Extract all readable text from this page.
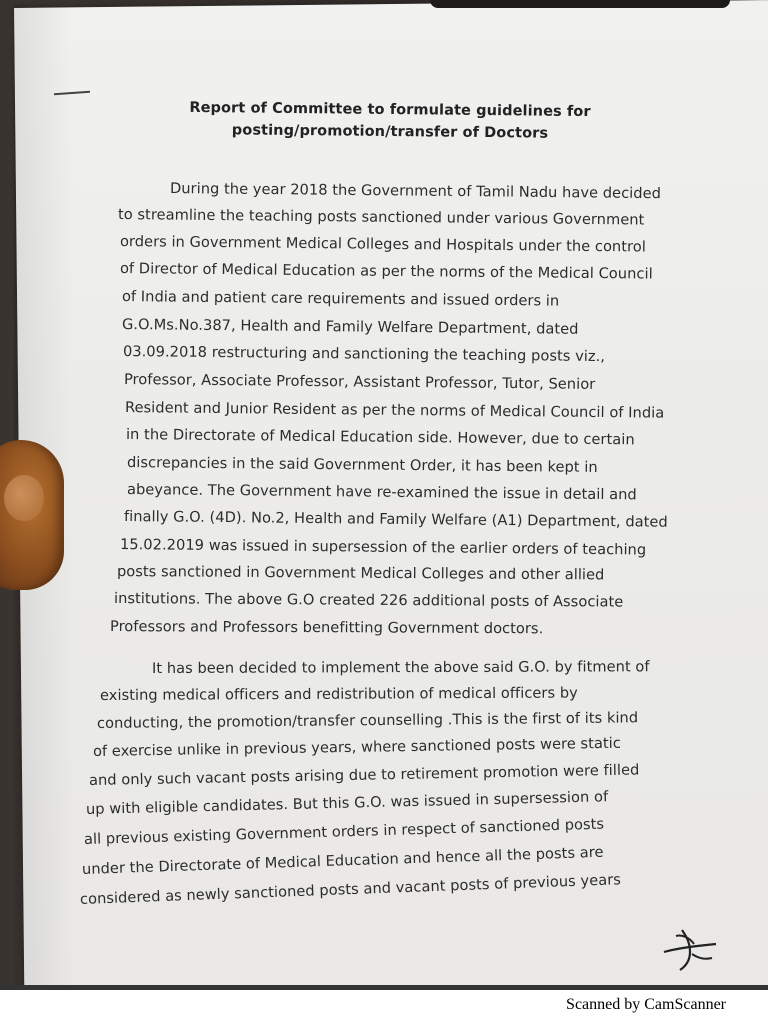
Report of Committee to formulate guidelines for
posting/promotion/transfer of Doctors
During the year 2018 the Government of Tamil Nadu have decided
to streamline the teaching posts sanctioned under various Government
orders in Government Medical Colleges and Hospitals under the control
of Director of Medical Education as per the norms of the Medical Council
of India and patient care requirements and issued orders in
G.O.Ms.No.387, Health and Family Welfare Department, dated
03.09.2018 restructuring and sanctioning the teaching posts viz.,
Professor, Associate Professor, Assistant Professor, Tutor, Senior
Resident and Junior Resident as per the norms of Medical Council of India
in the Directorate of Medical Education side. However, due to certain
discrepancies in the said Government Order, it has been kept in
abeyance. The Government have re-examined the issue in detail and
finally G.O. (4D). No.2, Health and Family Welfare (A1) Department, dated
15.02.2019 was issued in supersession of the earlier orders of teaching
posts sanctioned in Government Medical Colleges and other allied
institutions. The above G.O created 226 additional posts of Associate
Professors and Professors benefitting Government doctors.
It has been decided to implement the above said G.O. by fitment of
existing medical officers and redistribution of medical officers by
conducting, the promotion/transfer counselling .This is the first of its kind
of exercise unlike in previous years, where sanctioned posts were static
and only such vacant posts arising due to retirement promotion were filled
up with eligible candidates. But this G.O. was issued in supersession of
all previous existing Government orders in respect of sanctioned posts
under the Directorate of Medical Education and hence all the posts are
considered as newly sanctioned posts and vacant posts of previous years
Scanned by CamScanner
